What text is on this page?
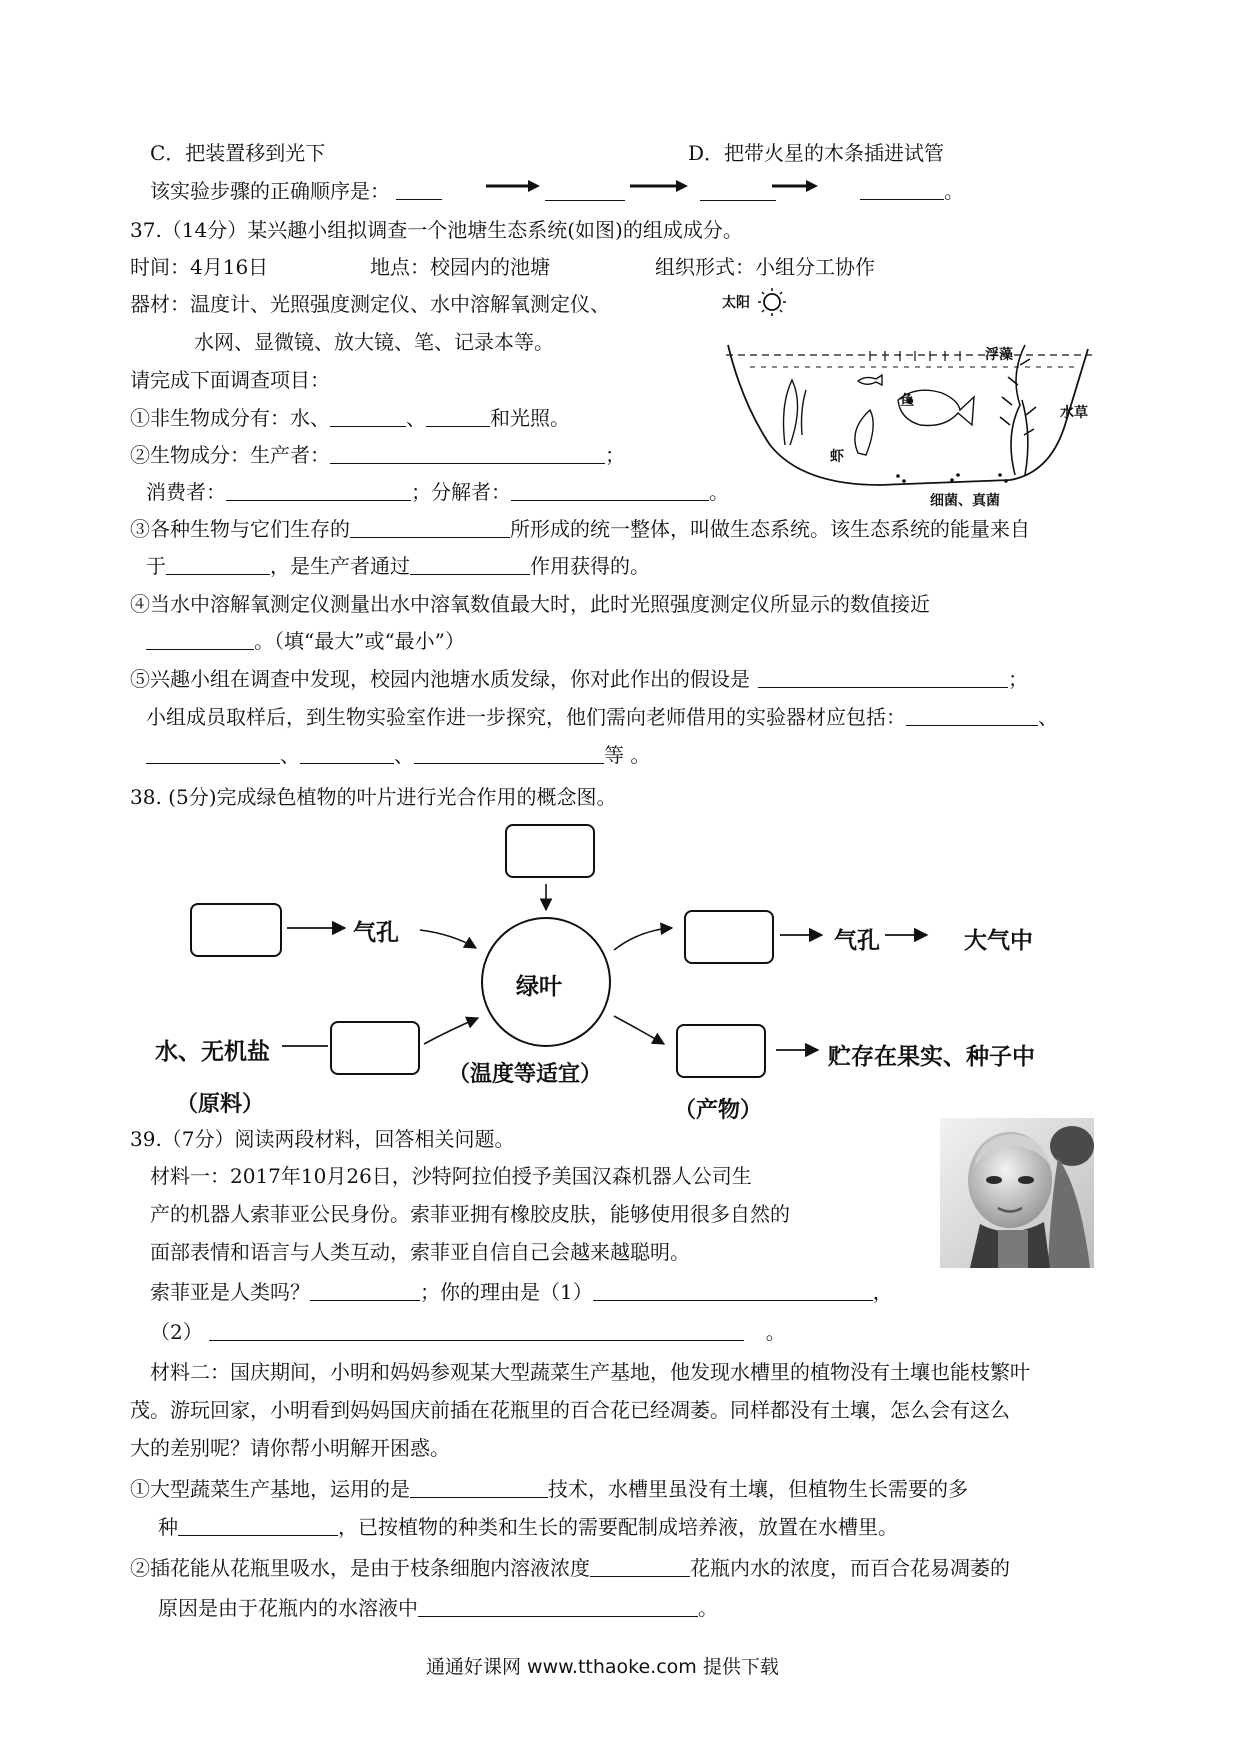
C．把装置移到光下	D．把带火星的木条插进试管
该实验步骤的正确顺序是：	。
37.（14分）某兴趣小组拟调查一个池塘生态系统(如图)的组成成分。
时间：4月16日	地点：校园内的池塘	组织形式：小组分工协作
器材：温度计、光照强度测定仪、水中溶解氧测定仪、
水网、显微镜、放大镜、笔、记录本等。
请完成下面调查项目：
①非生物成分有：水、	、	和光照。
②生物成分：生产者：	；
消费者：	；分解者：	。
③各种生物与它们生存的	所形成的统一整体，叫做生态系统。该生态系统的能量来自
于	，是生产者通过	作用获得的。
④当水中溶解氧测定仪测量出水中溶氧数值最大时，此时光照强度测定仪所显示的数值接近
。（填“最大”或“最小”）
⑤兴趣小组在调查中发现，校园内池塘水质发绿，你对此作出的假设是	；
小组成员取样后，到生物实验室作进一步探究，他们需向老师借用的实验器材应包括：	、
、	、	等 。
太阳
浮藻
鱼
水草
虾
细菌、真菌
38. (5分)完成绿色植物的叶片进行光合作用的概念图。
绿叶
气孔	气孔	大气中
水、无机盐	贮存在果实、种子中
（温度等适宜）
（原料）	（产物）
39.（7分）阅读两段材料，回答相关问题。
材料一：2017年10月26日，沙特阿拉伯授予美国汉森机器人公司生
产的机器人索菲亚公民身份。索菲亚拥有橡胶皮肤，能够使用很多自然的
面部表情和语言与人类互动，索菲亚自信自己会越来越聪明。
索菲亚是人类吗？	；你的理由是（1）	，
（2）	。
材料二：国庆期间，小明和妈妈参观某大型蔬菜生产基地，他发现水槽里的植物没有土壤也能枝繁叶
茂。游玩回家，小明看到妈妈国庆前插在花瓶里的百合花已经凋萎。同样都没有土壤，怎么会有这么
大的差别呢？请你帮小明解开困惑。
①大型蔬菜生产基地，运用的是	技术，水槽里虽没有土壤，但植物生长需要的多
种	，已按植物的种类和生长的需要配制成培养液，放置在水槽里。
②插花能从花瓶里吸水，是由于枝条细胞内溶液浓度	花瓶内水的浓度，而百合花易凋萎的
原因是由于花瓶内的水溶液中	。
通通好课网 www.tthaoke.com 提供下载
